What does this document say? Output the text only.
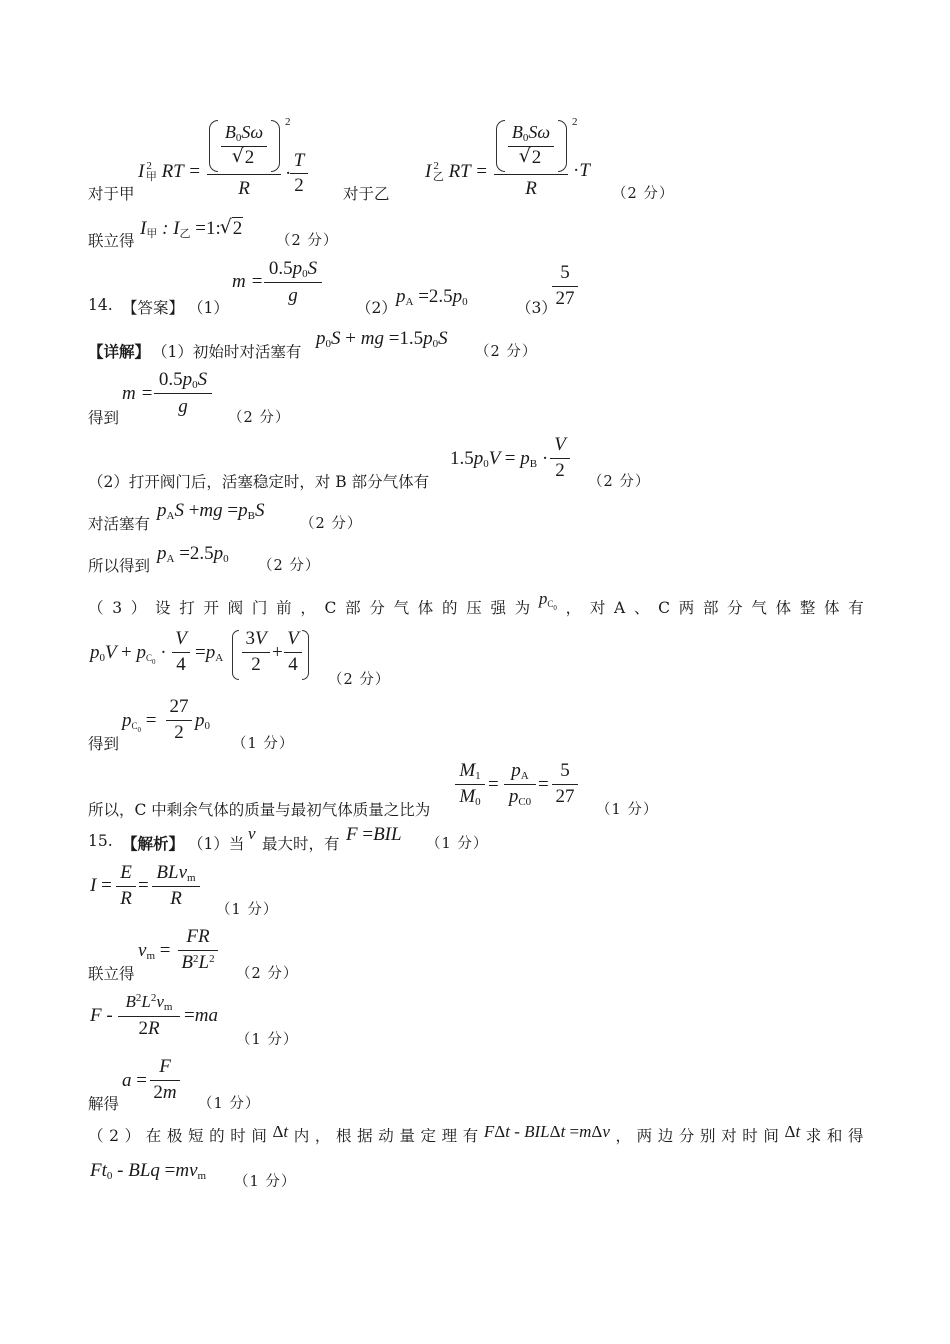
对于甲
I $^2_甲$ RT =
$B_0S\omega$
√ 2
2
R
·
T
2	对于乙
I $^2_乙$ RT =
$B_0S\omega$
√ 2
2
R
·T
（2 分）
联立得
$I_甲$ : $I_乙$ =1:√ 2
（2 分）
14. 【答案】 （1）
m =
$0.5p_0S$
g
（2）
$p_A =2.5p_0$	（3）
5
27
【详解】 （1）初始时对活塞有
$p_0S$ + mg $=1.5p_0S$
（2 分）
得到
m =
$0.5p_0S$
g
（2 分）
（2）打开阀门后，活塞稳定时，对 B 部分气体有
$1.5p_0V = p_B$ ·
V
2
（2 分）
对活塞有
$p_AS +mg =p_BS$
（2 分）
所以得到
$p_A =2.5p_0$ （2 分）
（ 3 ） 设 打 开 阀 门 前 ， C 部 分 气 体 的 压 强 为 $p_{C_0}$ ， 对 A 、 C 两 部 分 气 体 整 体 有
$p_0V + p_{C_0}$ ·
V
4
$=p_A$
3V
2
+
V
4
（2 分）
得到
$p_{C_0}$ =
27
2
$p_0$
（1 分）
所以，C 中剩余气体的质量与最初气体质量之比为
$M_1$
$M_0$
=
$p_A$
$p_{C0}$
=
5
27
（1 分）
15. 【解析】 （1）当
v
最大时，有 F =BIL （1 分）
I =
E
R
=
BLv$_m$
R
（1 分）
联立得
$v_m$ =
FR
$B^2L^2$
（2 分）
F -
$B^2L^2v_m$
2R
=ma
（1 分）
解得
a =
F
2m
（1 分）
（ 2 ） 在 极 短 的 时 间 Δt 内 ， 根 据 动 量 定 理 有 FΔt - BILΔt =mΔv ， 两 边 分 别 对 时 间 Δt 求 和 得
$Ft_0$ - BLq $=mv_m$ （1 分）
